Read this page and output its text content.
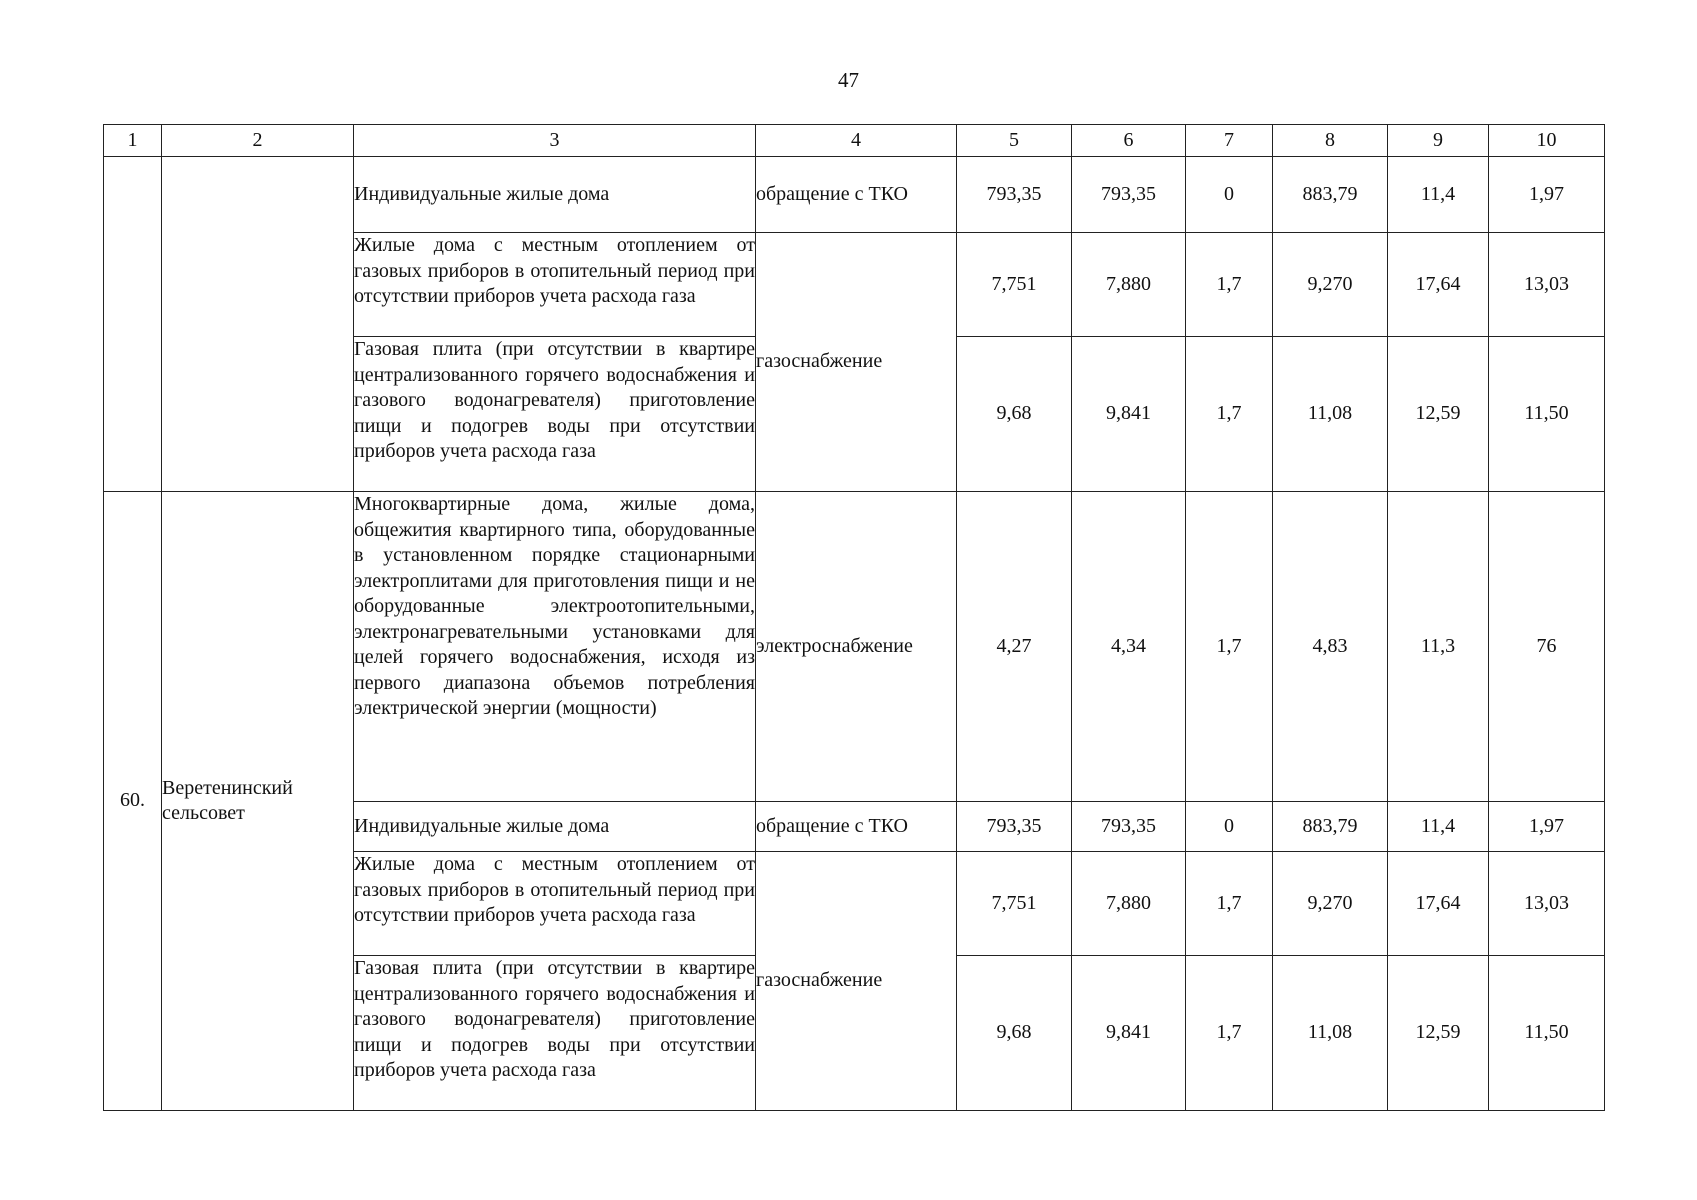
47
1	2	3	4	5	6	7	8	9	10
		Индивидуальные жилые дома	обращение с ТКО	793,35	793,35	0	883,79	11,4	1,97
		Жилые дома с местным отоплением от газовых приборов в отопительный период при отсутствии приборов учета расхода газа	газоснабжение	7,751	7,880	1,7	9,270	17,64	13,03
		Газовая плита (при отсутствии в квартире централизованного горячего водоснабжения и газового водонагревателя) приготовление пищи и подогрев воды при отсутствии приборов учета расхода газа		9,68	9,841	1,7	11,08	12,59	11,50
60.	Веретенинский сельсовет	Многоквартирные дома, жилые дома, общежития квартирного типа, оборудованные в установленном порядке стационарными электроплитами для приготовления пищи и не оборудованные электроотопительными, электронагревательными установками для целей горячего водоснабжения, исходя из первого диапазона объемов потребления электрической энергии (мощности)	электроснабжение	4,27	4,34	1,7	4,83	11,3	76
		Индивидуальные жилые дома	обращение с ТКО	793,35	793,35	0	883,79	11,4	1,97
		Жилые дома с местным отоплением от газовых приборов в отопительный период при отсутствии приборов учета расхода газа	газоснабжение	7,751	7,880	1,7	9,270	17,64	13,03
		Газовая плита (при отсутствии в квартире централизованного горячего водоснабжения и газового водонагревателя) приготовление пищи и подогрев воды при отсутствии приборов учета расхода газа		9,68	9,841	1,7	11,08	12,59	11,50
